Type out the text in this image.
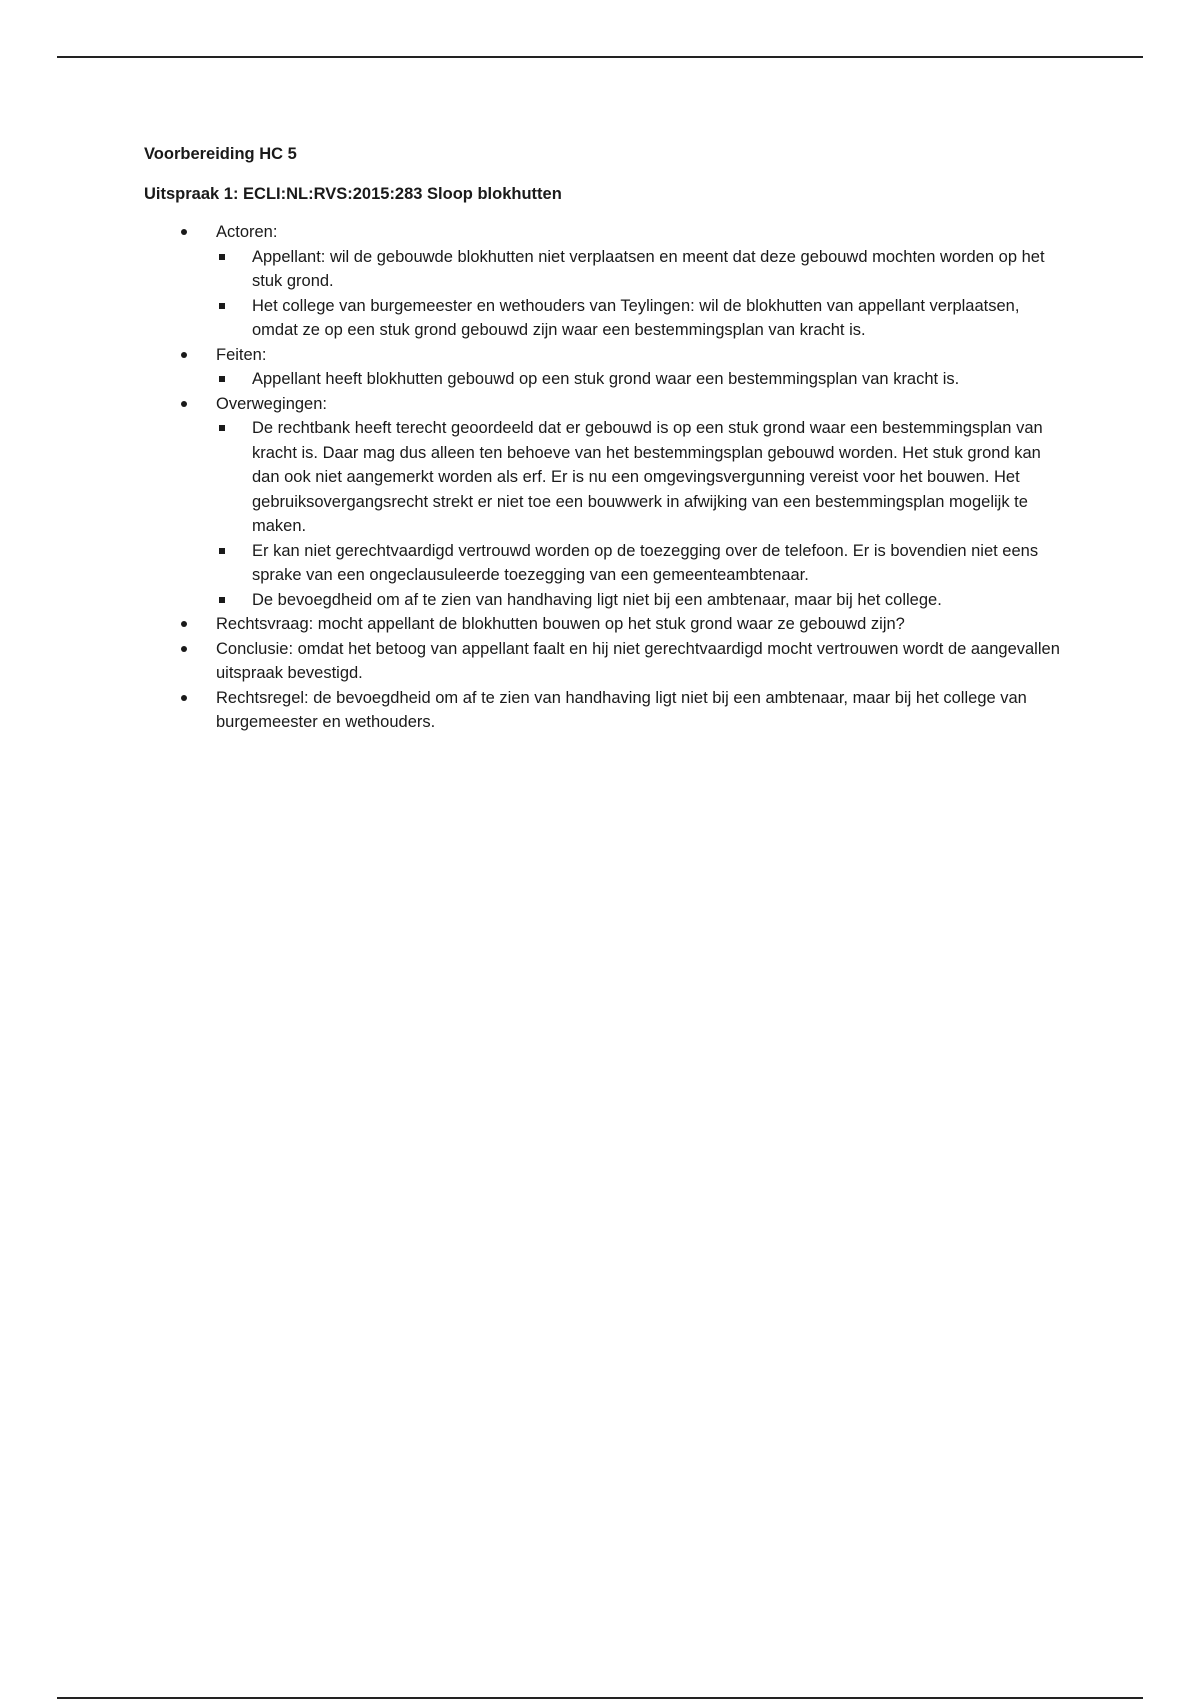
Voorbereiding HC 5

Uitspraak 1: ECLI:NL:RVS:2015:283 Sloop blokhutten

Actoren:
Appellant: wil de gebouwde blokhutten niet verplaatsen en meent dat deze gebouwd mochten worden op het stuk grond.
Het college van burgemeester en wethouders van Teylingen: wil de blokhutten van appellant verplaatsen, omdat ze op een stuk grond gebouwd zijn waar een bestemmingsplan van kracht is.
Feiten:
Appellant heeft blokhutten gebouwd op een stuk grond waar een bestemmingsplan van kracht is.
Overwegingen:
De rechtbank heeft terecht geoordeeld dat er gebouwd is op een stuk grond waar een bestemmingsplan van kracht is. Daar mag dus alleen ten behoeve van het bestemmingsplan gebouwd worden. Het stuk grond kan dan ook niet aangemerkt worden als erf. Er is nu een omgevingsvergunning vereist voor het bouwen. Het gebruiksovergangsrecht strekt er niet toe een bouwwerk in afwijking van een bestemmingsplan mogelijk te maken.
Er kan niet gerechtvaardigd vertrouwd worden op de toezegging over de telefoon. Er is bovendien niet eens sprake van een ongeclausuleerde toezegging van een gemeenteambtenaar.
De bevoegdheid om af te zien van handhaving ligt niet bij een ambtenaar, maar bij het college.
Rechtsvraag: mocht appellant de blokhutten bouwen op het stuk grond waar ze gebouwd zijn?
Conclusie: omdat het betoog van appellant faalt en hij niet gerechtvaardigd mocht vertrouwen wordt de aangevallen uitspraak bevestigd.
Rechtsregel: de bevoegdheid om af te zien van handhaving ligt niet bij een ambtenaar, maar bij het college van burgemeester en wethouders.
